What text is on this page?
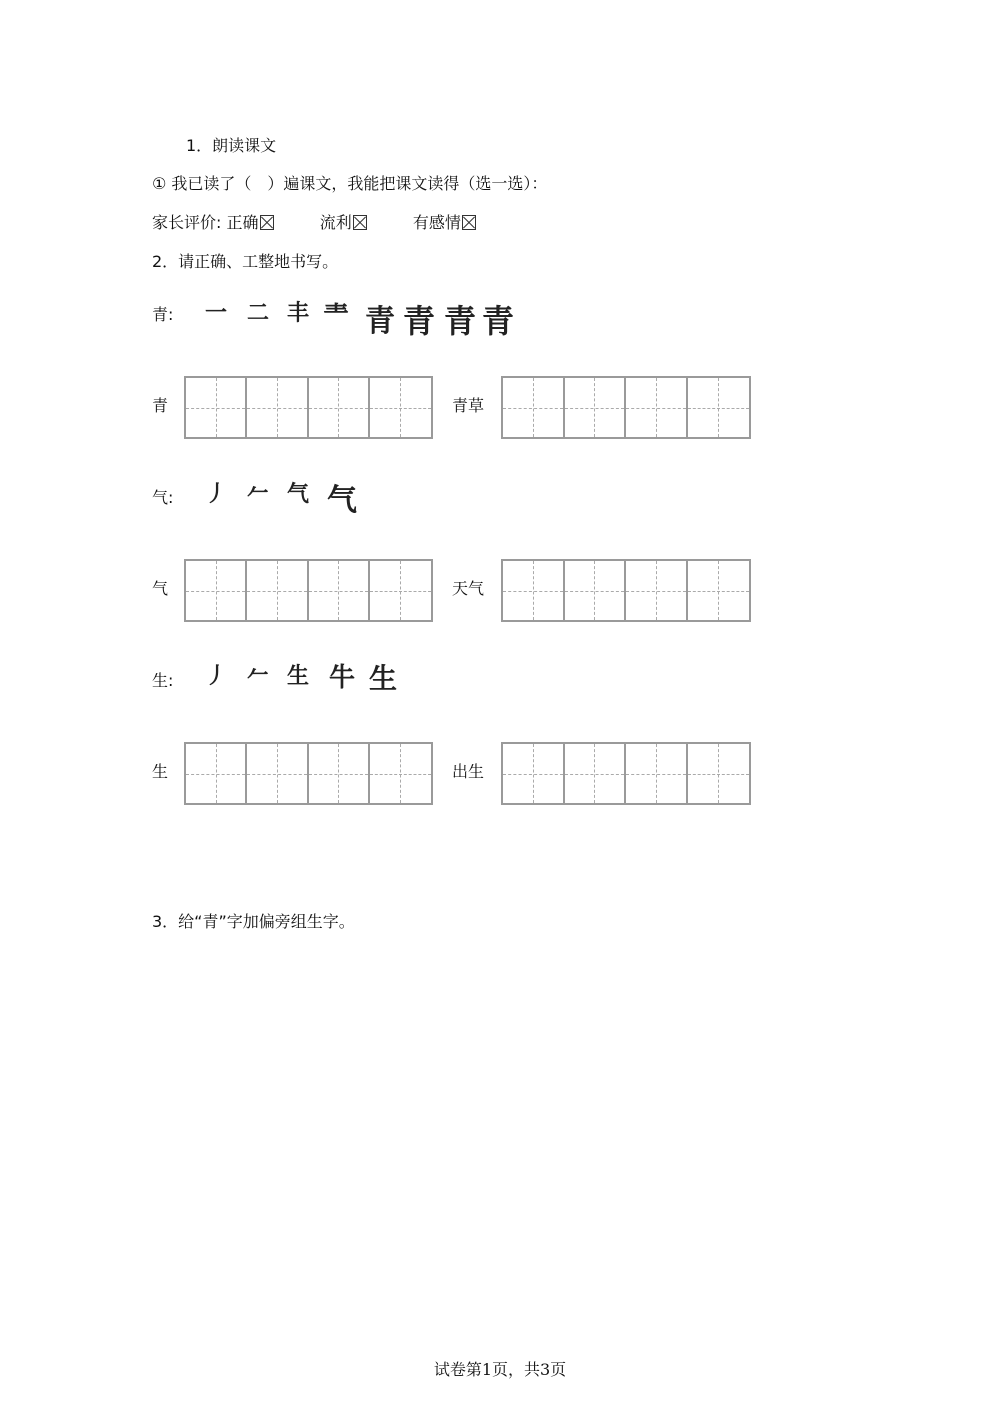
1．朗读课文
① 我已读了（　）遍课文，我能把课文读得（选一选）：
家长评价: 正确	流利	有感情
2．请正确、工整地书写。
青: 一 二 丰 龶 青 青 青 青
青	青草
气: 丿 𠂉 气 气
气	天气
生: 丿 𠂉 生 牛 生
生	出生
3．给“青”字加偏旁组生字。
试卷第1页，共3页
